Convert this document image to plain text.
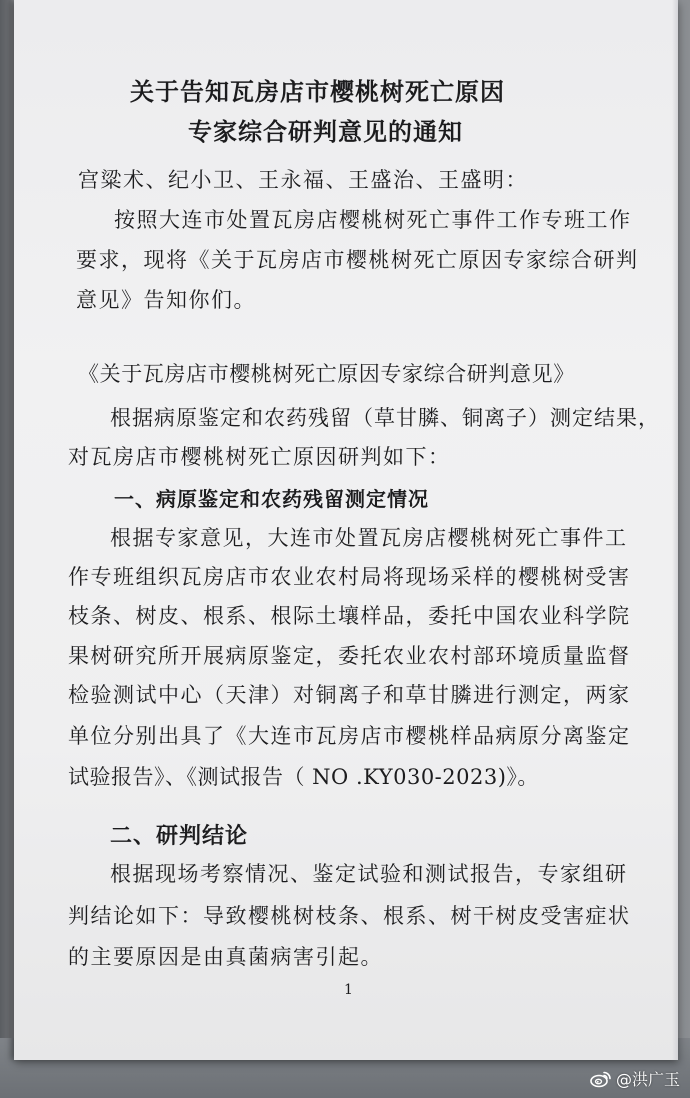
关于告知瓦房店市樱桃树死亡原因
专家综合研判意见的通知
宫粱术、纪小卫、王永福、王盛治、王盛明：
按照大连市处置瓦房店樱桃树死亡事件工作专班工作
要求，现将《关于瓦房店市樱桃树死亡原因专家综合研判
意见》告知你们。
《关于瓦房店市樱桃树死亡原因专家综合研判意见》
根据病原鉴定和农药残留（草甘膦、铜离子）测定结果，
对瓦房店市樱桃树死亡原因研判如下：
一、病原鉴定和农药残留测定情况
根据专家意见，大连市处置瓦房店樱桃树死亡事件工
作专班组织瓦房店市农业农村局将现场采样的樱桃树受害
枝条、树皮、根系、根际土壤样品，委托中国农业科学院
果树研究所开展病原鉴定，委托农业农村部环境质量监督
检验测试中心（天津）对铜离子和草甘膦进行测定，两家
单位分别出具了《大连市瓦房店市樱桃样品病原分离鉴定
试验报告》、《测试报告（ NO .KY030-2023)》。
二、研判结论
根据现场考察情况、鉴定试验和测试报告，专家组研
判结论如下：导致樱桃树枝条、根系、树干树皮受害症状
的主要原因是由真菌病害引起。
1
@洪广玉
